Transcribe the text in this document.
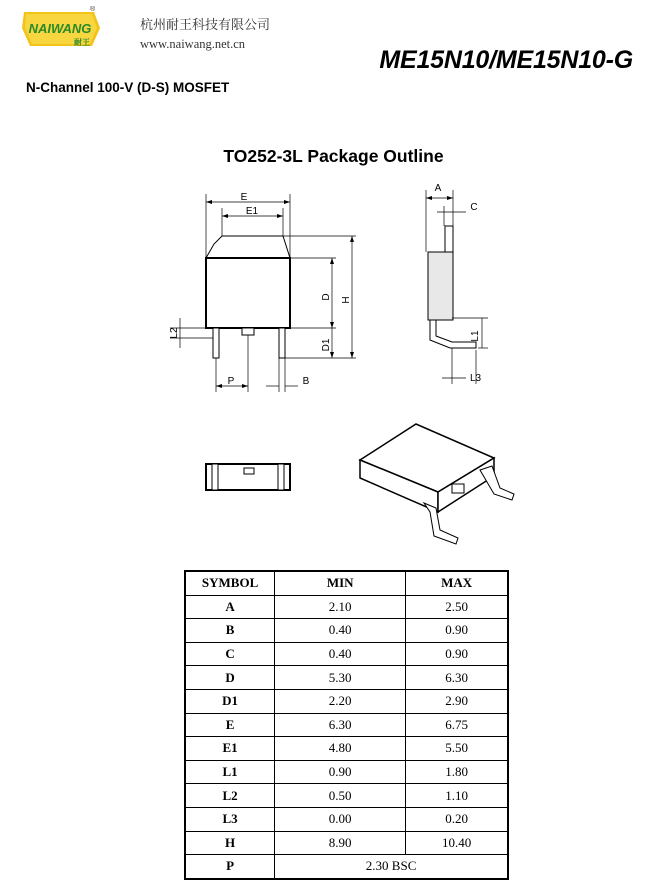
NAIWANG
耐王
®
杭州耐王科技有限公司
www.naiwang.net.cn
ME15N10/ME15N10-G
N-Channel 100-V (D-S) MOSFET
TO252-3L Package Outline
E
E1
D H
D1
L2
P	B
A
C
L1
L3
SYMBOL	MIN	MAX
A	2.10	2.50
B	0.40	0.90
C	0.40	0.90
D	5.30	6.30
D1	2.20	2.90
E	6.30	6.75
E1	4.80	5.50
L1	0.90	1.80
L2	0.50	1.10
L3	0.00	0.20
H	8.90	10.40
P	2.30 BSC	
